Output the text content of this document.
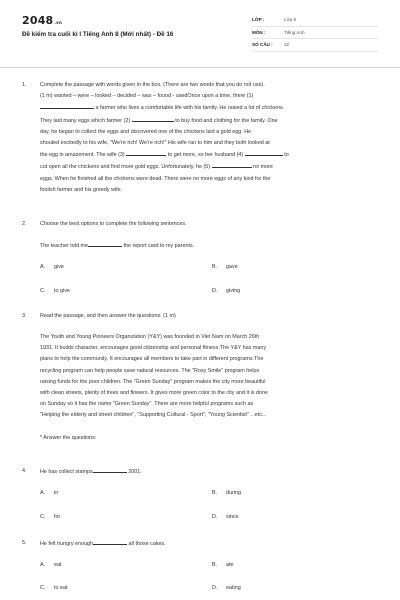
2048.vn
Đề kiểm tra cuối kì I Tiếng Anh 8 (Mới nhất) - Đề 16
LỚP :	Lớp 8
MÔN :	Tiếng Anh
SỐ CÂU :	32
1.	Complete the passage with words given in the box. (There are two words that you do not use).
(1 m) wanted – were – looked – decided – was – found - usedOnce upon a time, there (1)
a farmer who lives a comfortable life with his family. He raised a lot of chickens.
They laid many eggs which farmer (2)	to buy food and clothing for the family. One
day, he began to collect the eggs and discovered one of the chickens laid a gold egg. He
shouted excitedly to his wife, "We're rich! We're rich!" His wife ran to him and they both looked at
the egg in amazement. The wife (3)	to get more, so her husband (4)	to
cut open all the chickens and find more gold eggs. Unfortunately, he (5)	no more
eggs. When he finished all the chickens were dead. There were no more eggs of any kind for the
foolish farmer and his greedy wife.
2.	Choose the best options to complete the following sentences.
The teacher told me	the report card to my parents.
A. give	B. gave
C. to give	D. giving
3.	Read the passage, and then answer the questions. (1 m)
The Youth and Young Pioneers Organization (Y&Y) was founded in Viet Nam on March 26th
1931. It builds character, encourages good citizenship and personal fitness.The Y&Y has many
plans to help the community. It encourages all members to take part in different programs.The
recycling program can help people save natural resources. The "Rosy Smile" program helps
raising funds for the poor children. The "Green Sunday" program makes the city more beautiful
with clean streets, plenty of trees and flowers. It gives more green color to the city and it is done
on Sunday so it has the name "Green Sunday". There are more helpful programs such as
"Helping the elderly and street children", "Supporting Cultural - Sport", "Young Scientist" ...etc...
* Answer the questions:
4.	He has collect stamps	2001.
A. in	B. during
C. for	D. since
5.	He felt hungry enough	all those cakes.
A. eat	B. ate
C. to eat	D. eating
